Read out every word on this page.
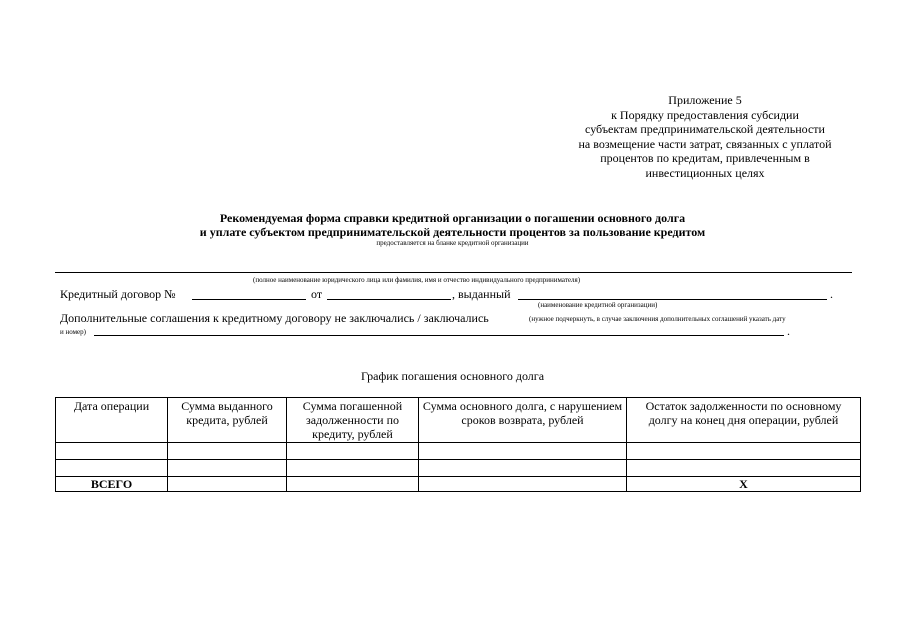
Приложение 5
к Порядку предоставления субсидии
субъектам предпринимательской деятельности
на возмещение части затрат, связанных с уплатой
процентов по кредитам, привлеченным в
инвестиционных целях
Рекомендуемая форма справки кредитной организации о погашении основного долга
и уплате субъектом предпринимательской деятельности процентов за пользование кредитом
предоставляется на бланке кредитной организации
(полное наименование юридического лица или фамилия, имя и отчество индивидуального предпринимателя)
Кредитный договор №	от	, выданный	.
(наименование кредитной организации)
Дополнительные соглашения к кредитному договору не заключались / заключались	(нужное подчеркнуть, в случае заключения дополнительных соглашений указать дату
и номер)	.
График погашения основного долга
Дата операции	Сумма выданного кредита, рублей	Сумма погашенной задолженности по кредиту, рублей	Сумма основного долга, с нарушением сроков возврата, рублей	Остаток задолженности по основному долгу на конец дня операции, рублей

ВСЕГО				Х
